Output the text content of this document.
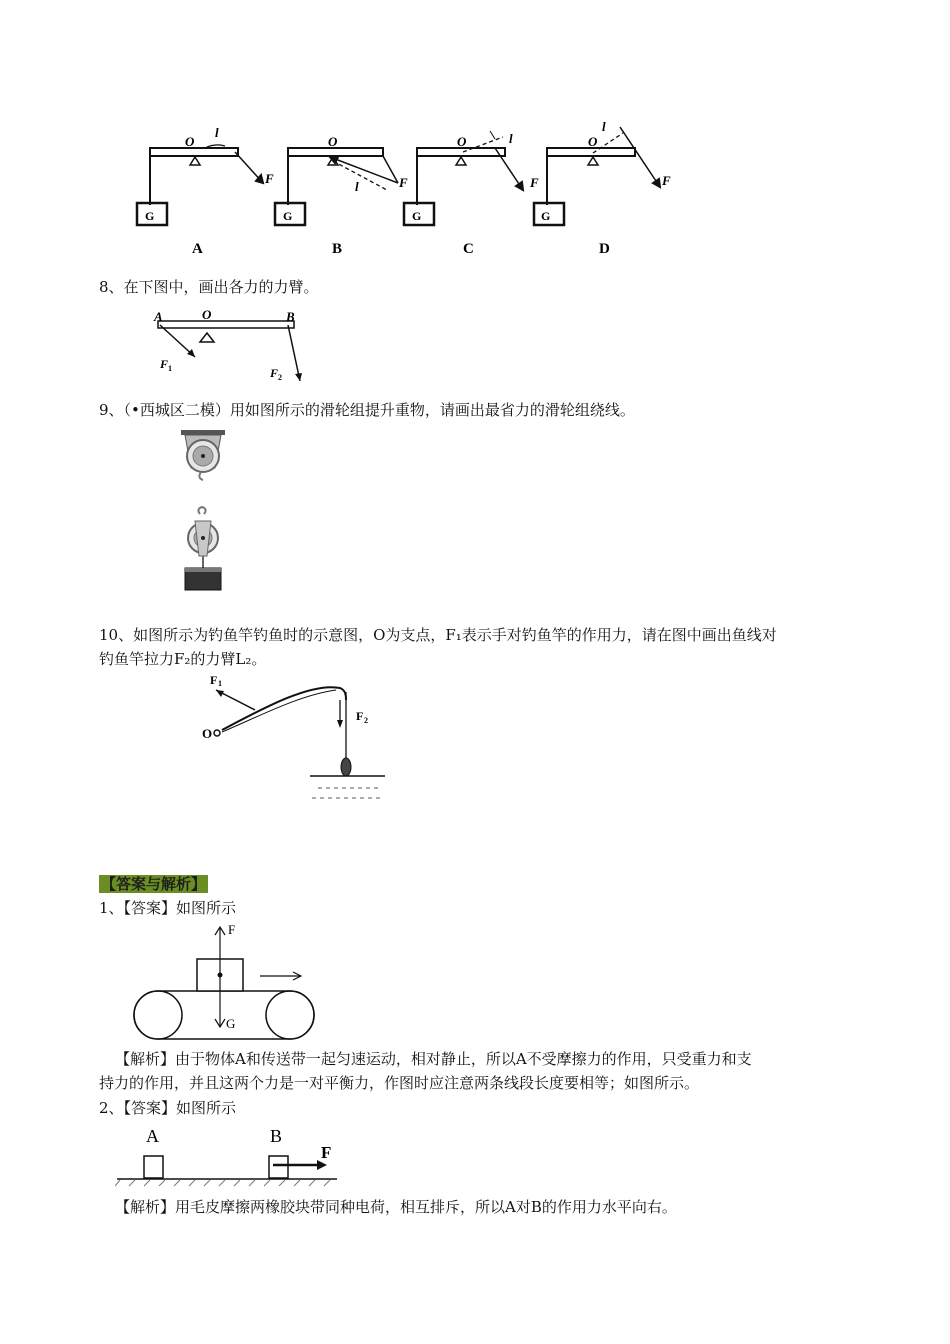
O
l
F
G
A
O
l	F
G
B
O	l
F
G
C
O
l
F
G
D
8、在下图中，画出各力的力臂。
A	O	B
F 1	F 2
9、（•西城区二模）用如图所示的滑轮组提升重物，请画出最省力的滑轮组绕线。
10、如图所示为钓鱼竿钓鱼时的示意图，O为支点，F₁表示手对钓鱼竿的作用力，请在图中画出鱼线对
钓鱼竿拉力F₂的力臂L₂。
F 1
F 2
O
【答案与解析】
1、【答案】如图所示
F
G
【解析】由于物体A和传送带一起匀速运动，相对静止，所以A不受摩擦力的作用，只受重力和支
持力的作用，并且这两个力是一对平衡力，作图时应注意两条线段长度要相等；如图所示。
2、【答案】如图所示
A	B
F
【解析】用毛皮摩擦两橡胶块带同种电荷，相互排斥，所以A对B的作用力水平向右。
